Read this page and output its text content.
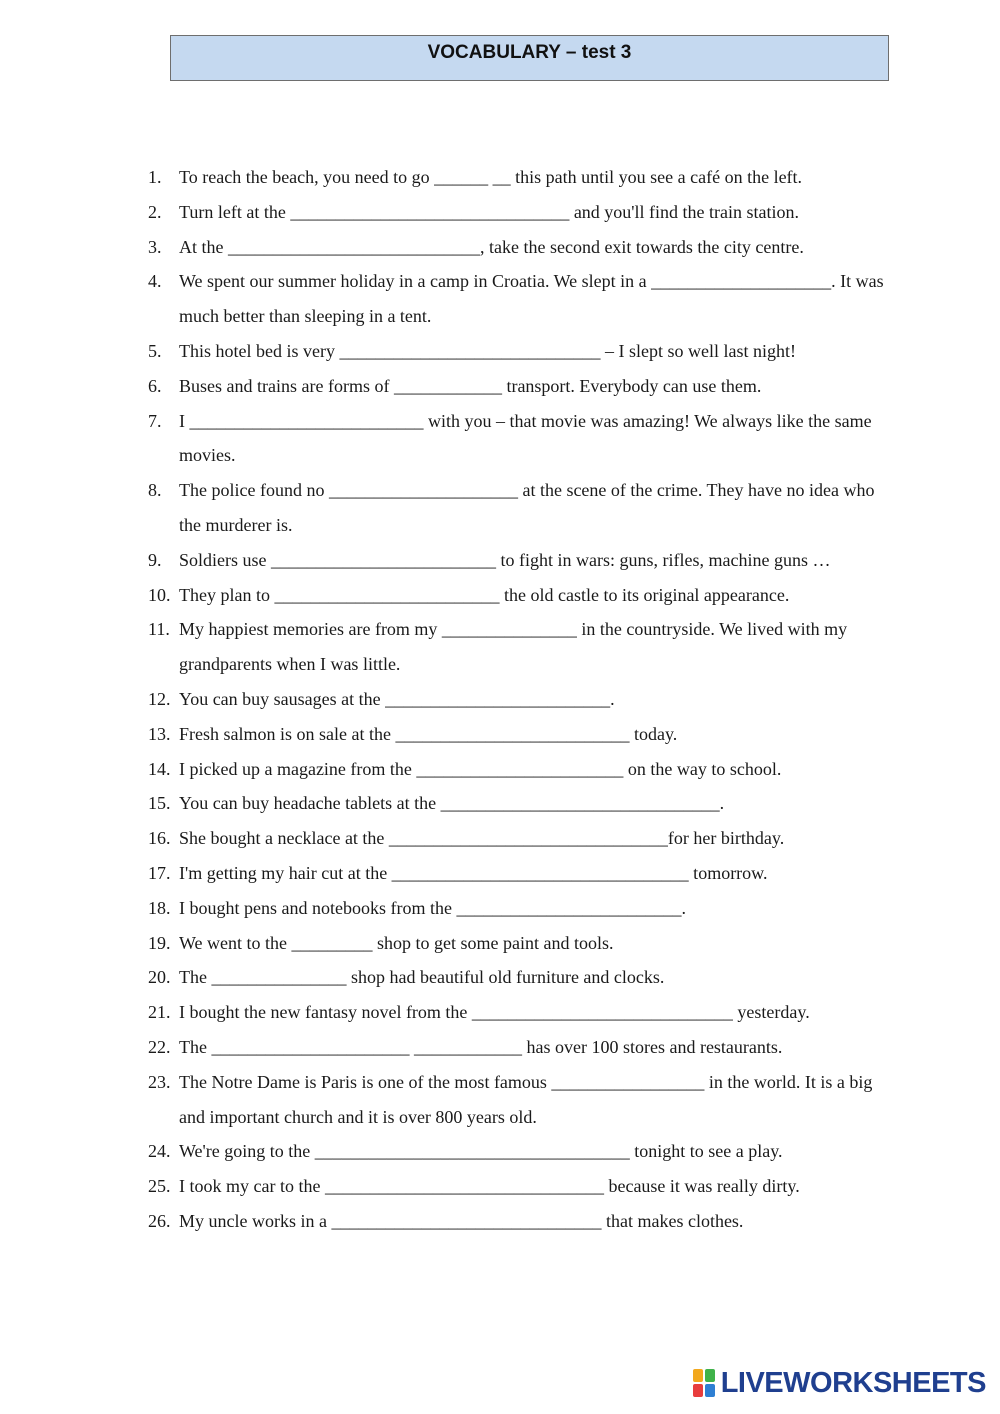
VOCABULARY – test 3
1. To reach the beach, you need to go ______ __ this path until you see a café on the left.
2. Turn left at the _______________________________ and you'll find the train station.
3. At the ____________________________, take the second exit towards the city centre.
4. We spent our summer holiday in a camp in Croatia. We slept in a ____________________. It was much better than sleeping in a tent.
5. This hotel bed is very _____________________________ – I slept so well last night!
6. Buses and trains are forms of ____________ transport. Everybody can use them.
7. I __________________________ with you – that movie was amazing! We always like the same movies.
8. The police found no _____________________ at the scene of the crime. They have no idea who the murderer is.
9. Soldiers use _________________________ to fight in wars: guns, rifles, machine guns …
10. They plan to _________________________ the old castle to its original appearance.
11. My happiest memories are from my _______________ in the countryside. We lived with my grandparents when I was little.
12. You can buy sausages at the _________________________.
13. Fresh salmon is on sale at the __________________________ today.
14. I picked up a magazine from the _______________________ on the way to school.
15. You can buy headache tablets at the _______________________________.
16. She bought a necklace at the _______________________________for her birthday.
17. I'm getting my hair cut at the _________________________________ tomorrow.
18. I bought pens and notebooks from the _________________________.
19. We went to the _________ shop to get some paint and tools.
20. The _______________ shop had beautiful old furniture and clocks.
21. I bought the new fantasy novel from the _____________________________ yesterday.
22. The ______________________ ____________ has over 100 stores and restaurants.
23. The Notre Dame is Paris is one of the most famous _________________ in the world. It is a big and important church and it is over 800 years old.
24. We're going to the ___________________________________ tonight to see a play.
25. I took my car to the _______________________________ because it was really dirty.
26. My uncle works in a ______________________________ that makes clothes.
LIVEWORKSHEETS
